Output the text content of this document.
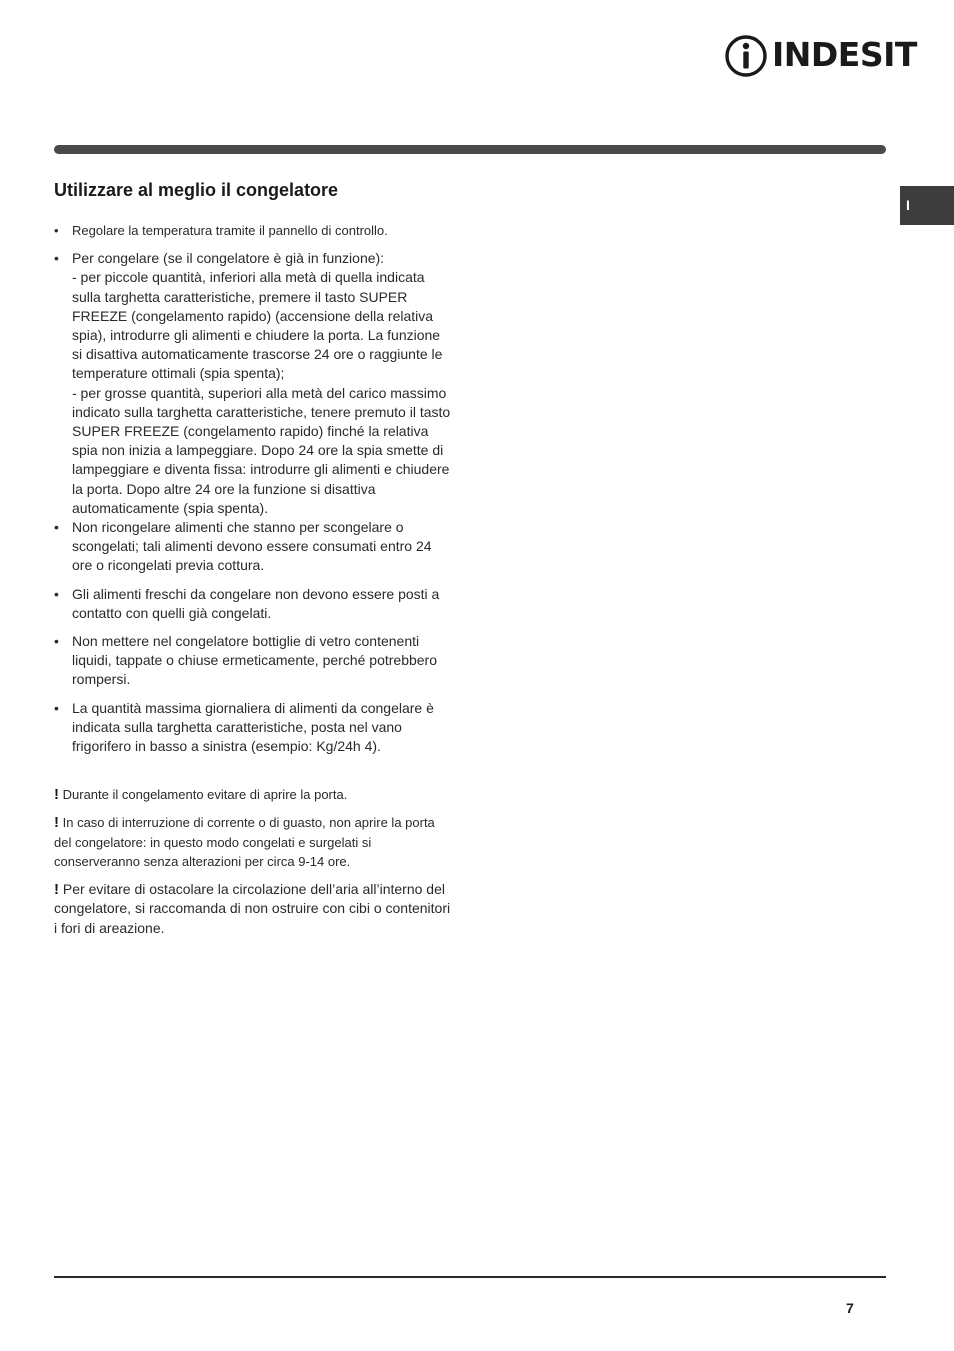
INDESIT
I
Utilizzare al meglio il congelatore
• Regolare la temperatura tramite il pannello di controllo.
• Per congelare (se il congelatore è già in funzione):
- per piccole quantità, inferiori alla metà di quella indicata sulla targhetta caratteristiche, premere il tasto SUPER FREEZE (congelamento rapido) (accensione della relativa spia), introdurre gli alimenti e chiudere la porta. La funzione si disattiva automaticamente trascorse 24 ore o raggiunte le temperature ottimali (spia spenta);
- per grosse quantità, superiori alla metà del carico massimo indicato sulla targhetta caratteristiche, tenere premuto il tasto SUPER FREEZE (congelamento rapido) finché la relativa spia non inizia a lampeggiare. Dopo 24 ore la spia smette di lampeggiare e diventa fissa: introdurre gli alimenti e chiudere la porta. Dopo altre 24 ore la funzione si disattiva automaticamente (spia spenta).
• Non ricongelare alimenti che stanno per scongelare o scongelati; tali alimenti devono essere consumati entro 24 ore o ricongelati previa cottura.
• Gli alimenti freschi da congelare non devono essere posti a contatto con quelli già congelati.
• Non mettere nel congelatore bottiglie di vetro contenenti liquidi, tappate o chiuse ermeticamente, perché potrebbero rompersi.
• La quantità massima giornaliera di alimenti da congelare è indicata sulla targhetta caratteristiche, posta nel vano frigorifero in basso a sinistra (esempio: Kg/24h 4).

! Durante il congelamento evitare di aprire la porta.

! In caso di interruzione di corrente o di guasto, non aprire la porta del congelatore: in questo modo congelati e surgelati si conserveranno senza alterazioni per circa 9-14 ore.

! Per evitare di ostacolare la circolazione dell’aria all’interno del congelatore, si raccomanda di non ostruire con cibi o contenitori i fori di areazione.

7
